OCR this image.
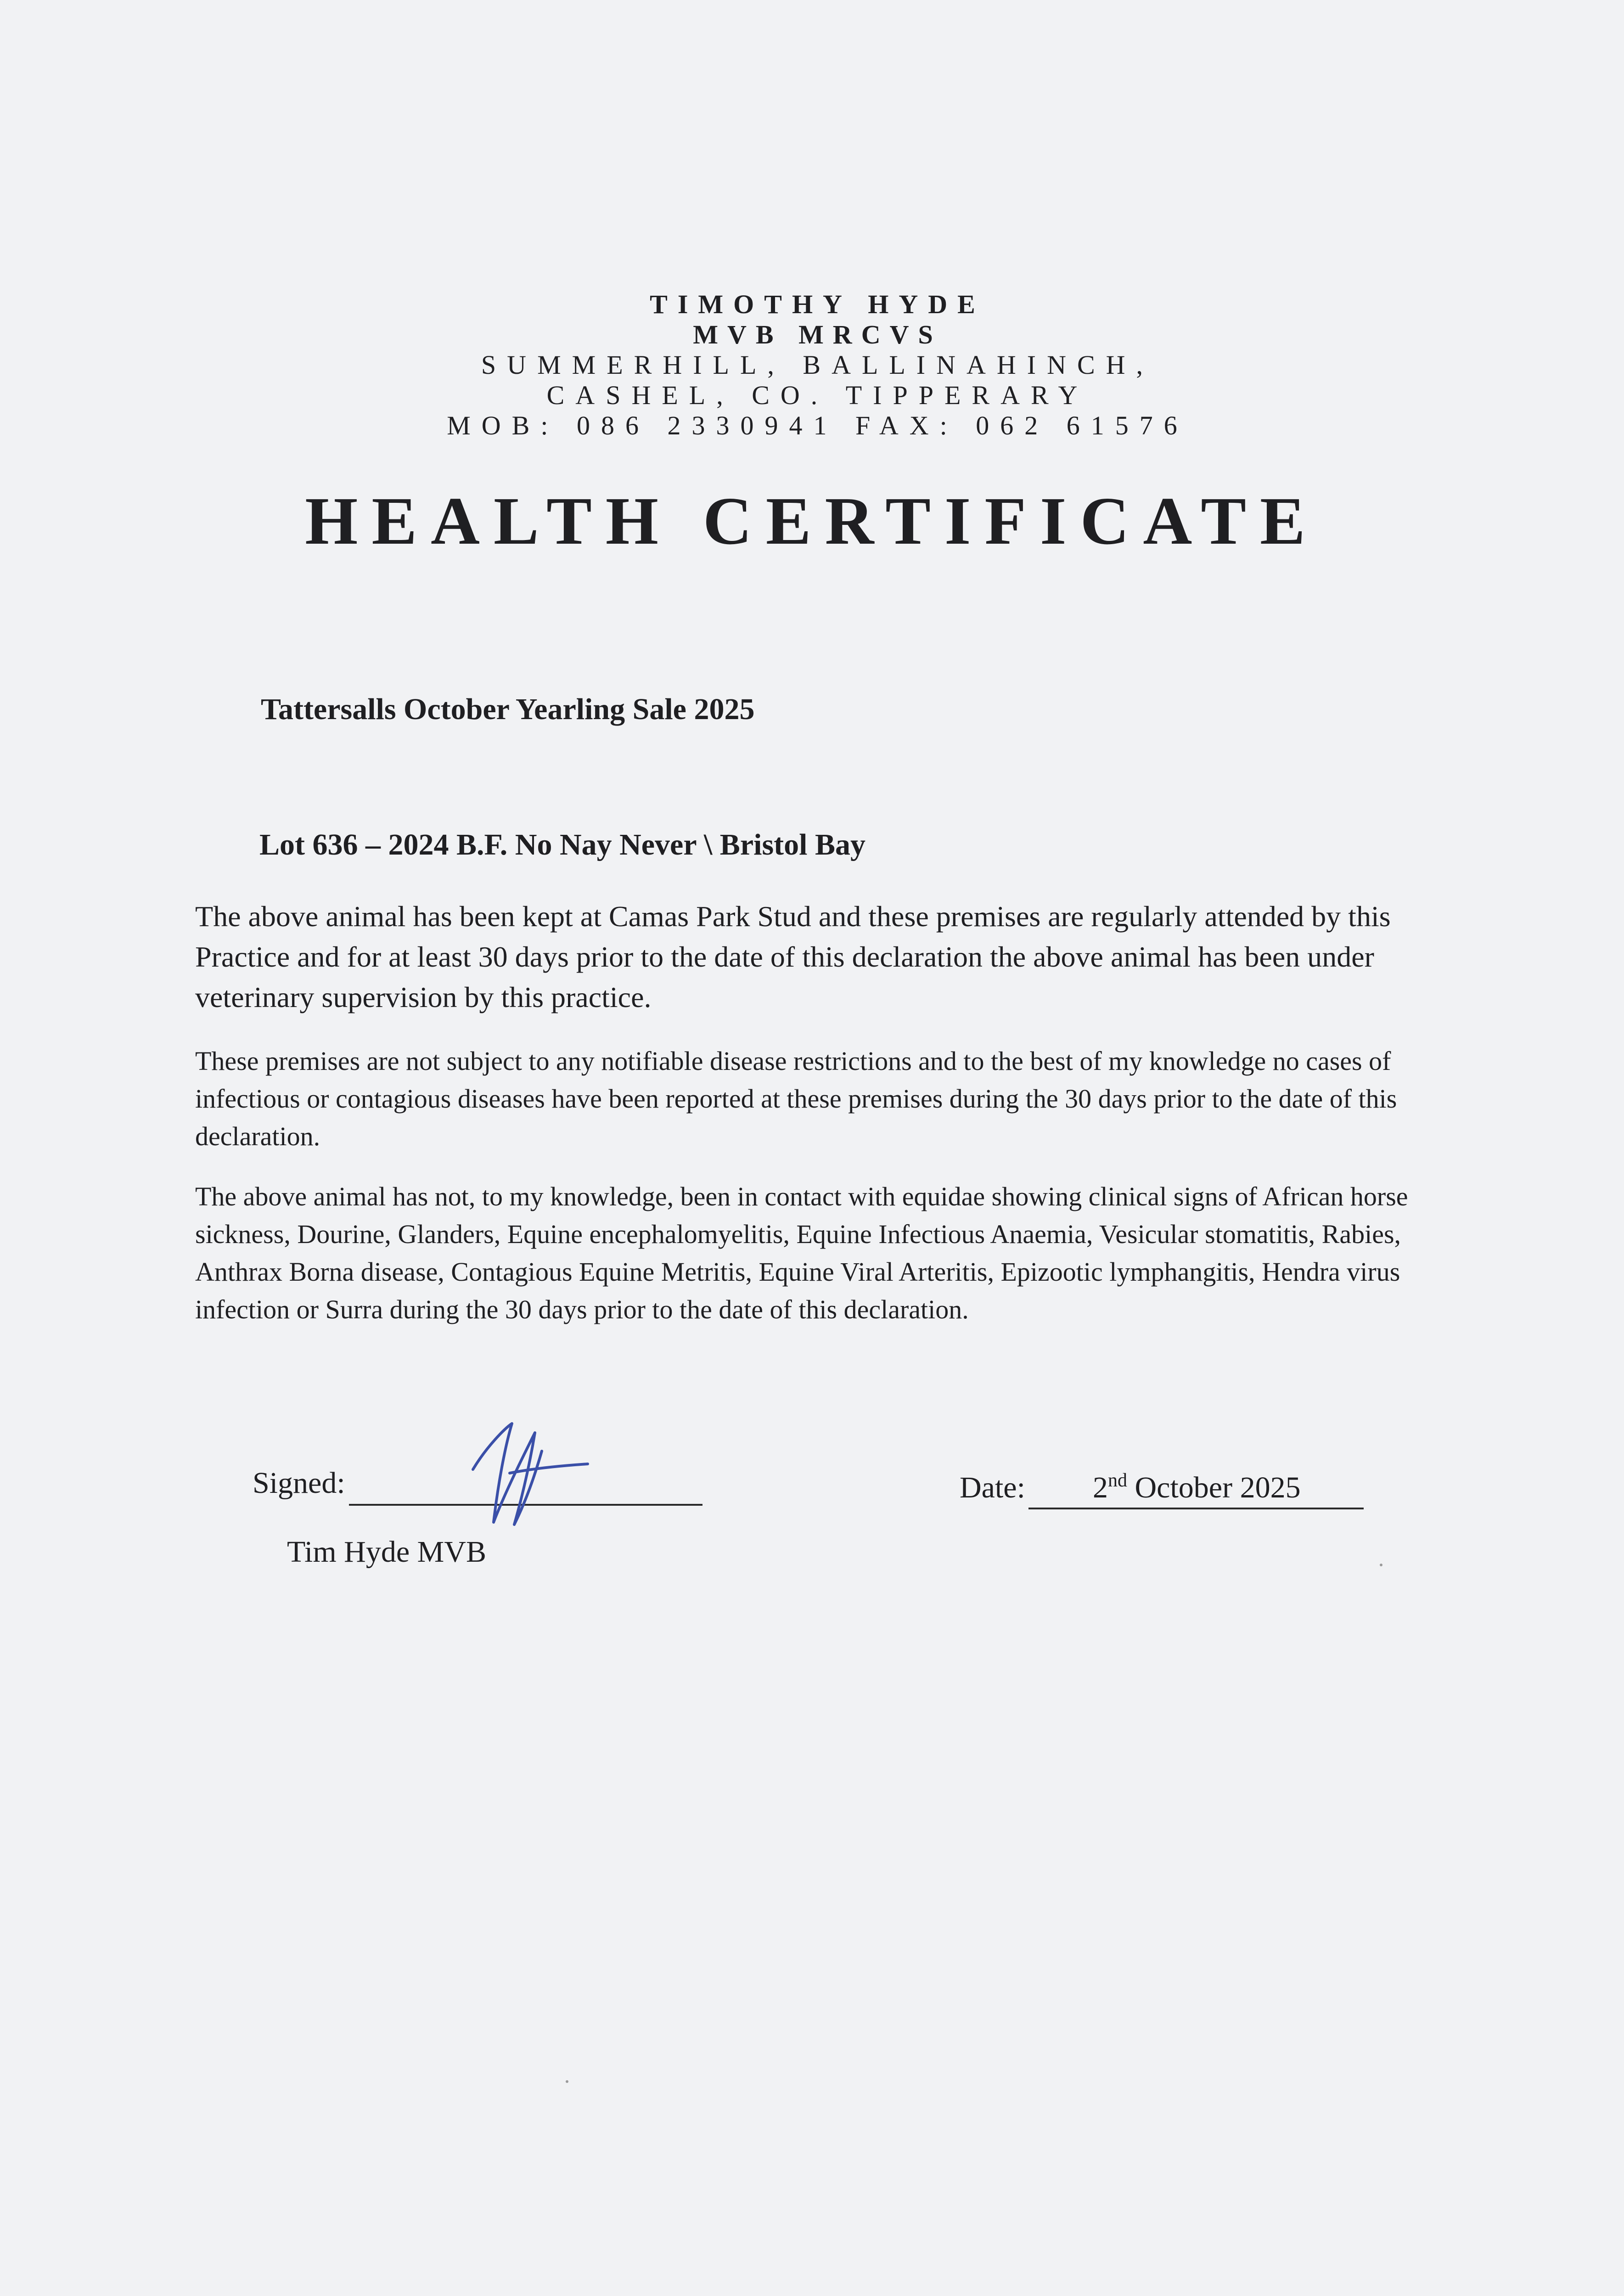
TIMOTHY HYDE
MVB MRCVS
SUMMERHILL, BALLINAHINCH,
CASHEL, CO. TIPPERARY
MOB: 086 2330941 FAX: 062 61576
HEALTH CERTIFICATE
Tattersalls October Yearling Sale 2025
Lot 636 – 2024 B.F. No Nay Never \ Bristol Bay
The above animal has been kept at Camas Park Stud and these premises are regularly attended by this Practice and for at least 30 days prior to the date of this declaration the above animal has been under veterinary supervision by this practice.
These premises are not subject to any notifiable disease restrictions and to the best of my knowledge no cases of infectious or contagious diseases have been reported at these premises during the 30 days prior to the date of this declaration.
The above animal has not, to my knowledge, been in contact with equidae showing clinical signs of African horse sickness, Dourine, Glanders, Equine encephalomyelitis, Equine Infectious Anaemia, Vesicular stomatitis, Rabies, Anthrax Borna disease, Contagious Equine Metritis, Equine Viral Arteritis, Epizootic lymphangitis, Hendra virus infection or Surra during the 30 days prior to the date of this declaration.
Signed:
Tim Hyde MVB
Date: 2nd October 2025
